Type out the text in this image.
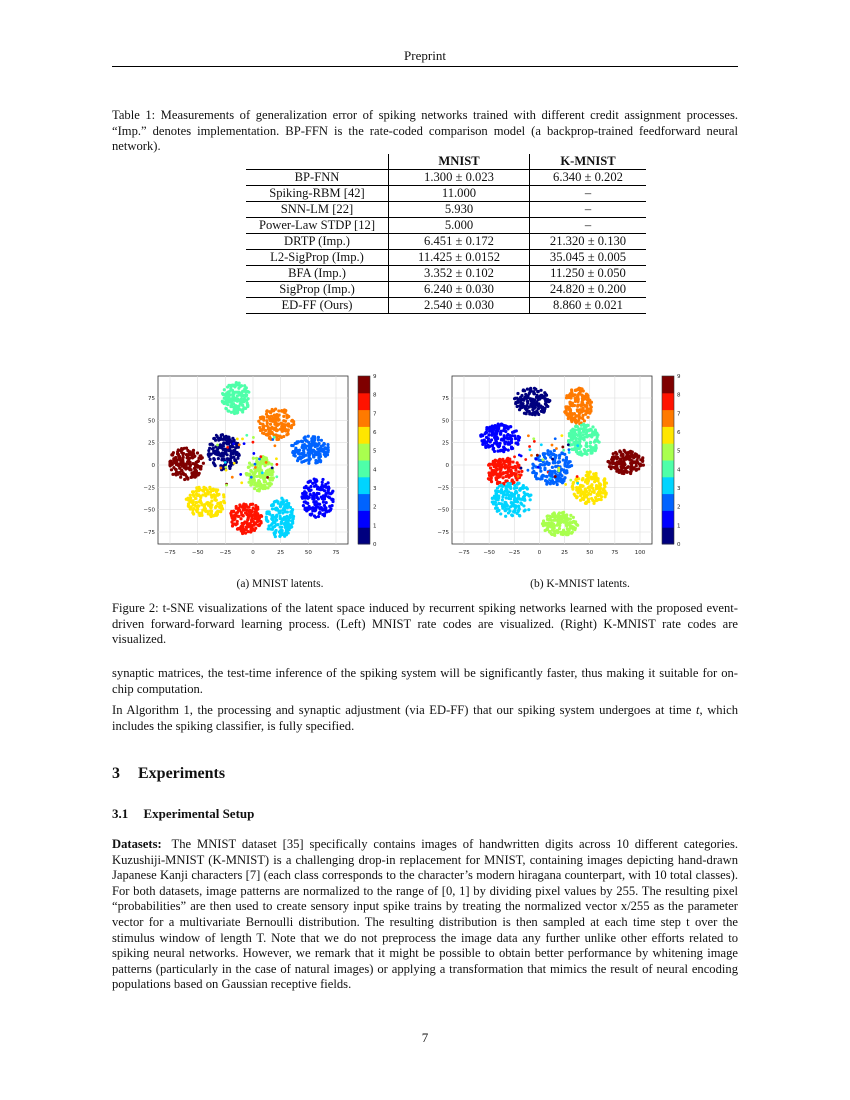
Preprint
Table 1: Measurements of generalization error of spiking networks trained with different credit assignment processes. “Imp.” denotes implementation. BP-FFN is the rate-coded comparison model (a backprop-trained feedforward neural network).
	MNIST	K-MNIST
BP-FNN	1.300 ± 0.023	6.340 ± 0.202
Spiking-RBM [42]	11.000	–
SNN-LM [22]	5.930	–
Power-Law STDP [12]	5.000	–
DRTP (Imp.)	6.451 ± 0.172	21.320 ± 0.130
L2-SigProp (Imp.)	11.425 ± 0.0152	35.045 ± 0.005
BFA (Imp.)	3.352 ± 0.102	11.250 ± 0.050
SigProp (Imp.)	6.240 ± 0.030	24.820 ± 0.200
ED-FF (Ours)	2.540 ± 0.030	8.860 ± 0.021
−75	−50	−25	0	25	50	75
75
50
25
0
−25
−50
−75
9
8
7
6
5
4
3
2
1
0
−75 −50 −25	0	25	50	75	100
75
50
25
0
−25
−50
−75
9
8
7
6
5
4
3
2
1
0
(a) MNIST latents.	(b) K-MNIST latents.
Figure 2: t-SNE visualizations of the latent space induced by recurrent spiking networks learned with the proposed event-driven forward-forward learning process. (Left) MNIST rate codes are visualized. (Right) K-MNIST rate codes are visualized.
synaptic matrices, the test-time inference of the spiking system will be significantly faster, thus making it suitable for on-chip computation.
In Algorithm 1, the processing and synaptic adjustment (via ED-FF) that our spiking system undergoes at time t, which includes the spiking classifier, is fully specified.
3 Experiments
3.1 Experimental Setup
Datasets: The MNIST dataset [35] specifically contains images of handwritten digits across 10 different categories. Kuzushiji-MNIST (K-MNIST) is a challenging drop-in replacement for MNIST, containing images depicting hand-drawn Japanese Kanji characters [7] (each class corresponds to the character’s modern hiragana counterpart, with 10 total classes). For both datasets, image patterns are normalized to the range of [0, 1] by dividing pixel values by 255. The resulting pixel “probabilities” are then used to create sensory input spike trains by treating the normalized vector x/255 as the parameter vector for a multivariate Bernoulli distribution. The resulting distribution is then sampled at each time step t over the stimulus window of length T. Note that we do not preprocess the image data any further unlike other efforts related to spiking neural networks. However, we remark that it might be possible to obtain better performance by whitening image patterns (particularly in the case of natural images) or applying a transformation that mimics the result of neural encoding populations based on Gaussian receptive fields.
7
